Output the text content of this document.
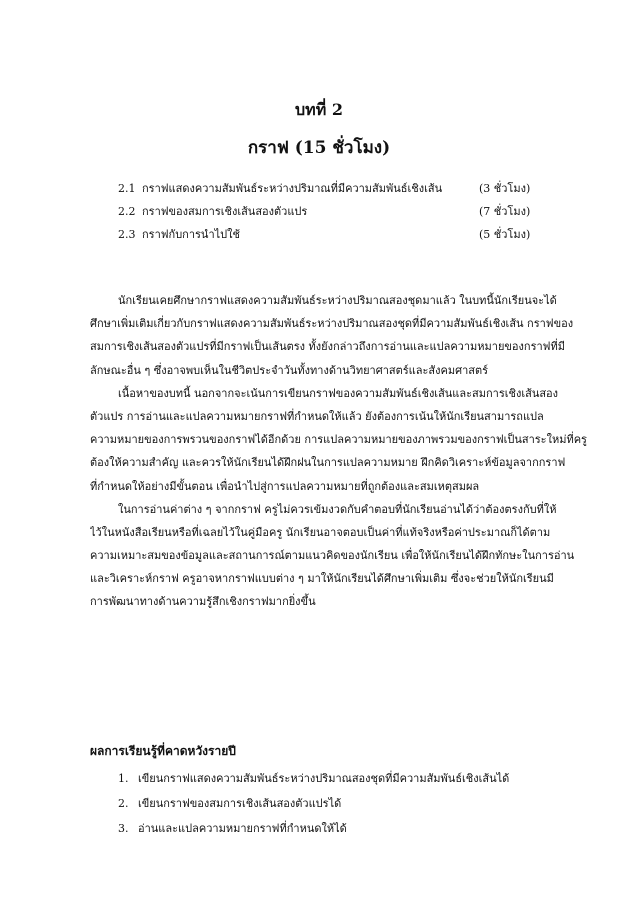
บทที่ 2
กราฟ (15 ชั่วโมง)
2.1 กราฟแสดงความสัมพันธ์ระหว่างปริมาณที่มีความสัมพันธ์เชิงเส้น	(3 ชั่วโมง)
2.2 กราฟของสมการเชิงเส้นสองตัวแปร	(7 ชั่วโมง)
2.3 กราฟกับการนำไปใช้	(5 ชั่วโมง)
นักเรียนเคยศึกษากราฟแสดงความสัมพันธ์ระหว่างปริมาณสองชุดมาแล้ว ในบทนี้นักเรียนจะได้
ศึกษาเพิ่มเติมเกี่ยวกับกราฟแสดงความสัมพันธ์ระหว่างปริมาณสองชุดที่มีความสัมพันธ์เชิงเส้น กราฟของ
สมการเชิงเส้นสองตัวแปรที่มีกราฟเป็นเส้นตรง ทั้งยังกล่าวถึงการอ่านและแปลความหมายของกราฟที่มี
ลักษณะอื่น ๆ ซึ่งอาจพบเห็นในชีวิตประจำวันทั้งทางด้านวิทยาศาสตร์และสังคมศาสตร์
เนื้อหาของบทนี้ นอกจากจะเน้นการเขียนกราฟของความสัมพันธ์เชิงเส้นและสมการเชิงเส้นสอง
ตัวแปร การอ่านและแปลความหมายกราฟที่กำหนดให้แล้ว ยังต้องการเน้นให้นักเรียนสามารถแปล
ความหมายของการพรวนของกราฟได้อีกด้วย การแปลความหมายของภาพรวมของกราฟเป็นสาระใหม่ที่ครู
ต้องให้ความสำคัญ และควรให้นักเรียนได้ฝึกฝนในการแปลความหมาย ฝึกคิดวิเคราะห์ข้อมูลจากกราฟ
ที่กำหนดให้อย่างมีขั้นตอน เพื่อนำไปสู่การแปลความหมายที่ถูกต้องและสมเหตุสมผล
ในการอ่านค่าต่าง ๆ จากกราฟ ครูไม่ควรเข้มงวดกับคำตอบที่นักเรียนอ่านได้ว่าต้องตรงกับที่ให้
ไว้ในหนังสือเรียนหรือที่เฉลยไว้ในคู่มือครู นักเรียนอาจตอบเป็นค่าที่แท้จริงหรือค่าประมาณก็ได้ตาม
ความเหมาะสมของข้อมูลและสถานการณ์ตามแนวคิดของนักเรียน เพื่อให้นักเรียนได้ฝึกทักษะในการอ่าน
และวิเคราะห์กราฟ ครูอาจหากราฟแบบต่าง ๆ มาให้นักเรียนได้ศึกษาเพิ่มเติม ซึ่งจะช่วยให้นักเรียนมี
การพัฒนาทางด้านความรู้สึกเชิงกราฟมากยิ่งขึ้น
ผลการเรียนรู้ที่คาดหวังรายปี
1. เขียนกราฟแสดงความสัมพันธ์ระหว่างปริมาณสองชุดที่มีความสัมพันธ์เชิงเส้นได้
2. เขียนกราฟของสมการเชิงเส้นสองตัวแปรได้
3. อ่านและแปลความหมายกราฟที่กำหนดให้ได้
